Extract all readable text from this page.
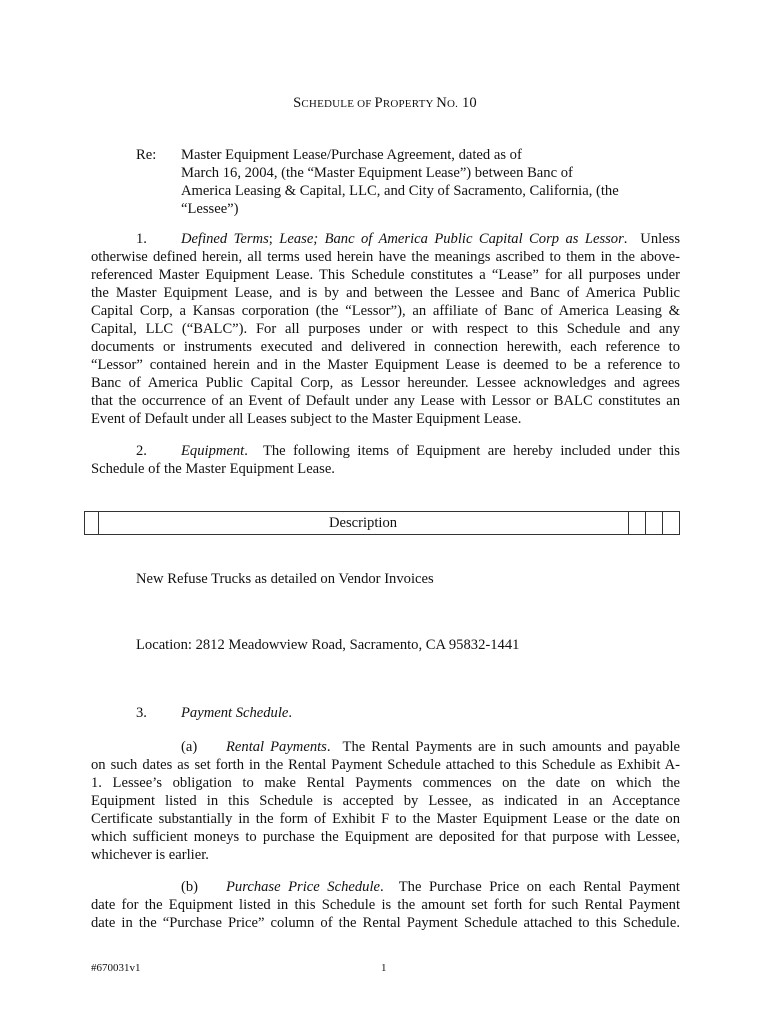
SCHEDULE OF PROPERTY NO. 10
Re: Master Equipment Lease/Purchase Agreement, dated as of
March 16, 2004, (the “Master Equipment Lease”) between Banc of
America Leasing & Capital, LLC, and City of Sacramento, California, (the
“Lessee”)
1. Defined Terms; Lease; Banc of America Public Capital Corp as Lessor. Unless
otherwise defined herein, all terms used herein have the meanings ascribed to them in the above-
referenced Master Equipment Lease. This Schedule constitutes a “Lease” for all purposes under
the Master Equipment Lease, and is by and between the Lessee and Banc of America Public
Capital Corp, a Kansas corporation (the “Lessor”), an affiliate of Banc of America Leasing &
Capital, LLC (“BALC”). For all purposes under or with respect to this Schedule and any
documents or instruments executed and delivered in connection herewith, each reference to
“Lessor” contained herein and in the Master Equipment Lease is deemed to be a reference to
Banc of America Public Capital Corp, as Lessor hereunder. Lessee acknowledges and agrees
that the occurrence of an Event of Default under any Lease with Lessor or BALC constitutes an
Event of Default under all Leases subject to the Master Equipment Lease.
2. Equipment.  The following items of Equipment are hereby included under this
Schedule of the Master Equipment Lease.
Description
New Refuse Trucks as detailed on Vendor Invoices
Location: 2812 Meadowview Road, Sacramento, CA 95832-1441
3. Payment Schedule.
(a) Rental Payments.  The Rental Payments are in such amounts and payable
on such dates as set forth in the Rental Payment Schedule attached to this Schedule as Exhibit A-
1. Lessee’s obligation to make Rental Payments commences on the date on which the
Equipment listed in this Schedule is accepted by Lessee, as indicated in an Acceptance
Certificate substantially in the form of Exhibit F to the Master Equipment Lease or the date on
which sufficient moneys to purchase the Equipment are deposited for that purpose with Lessee,
whichever is earlier.
(b) Purchase Price Schedule.  The Purchase Price on each Rental Payment
date for the Equipment listed in this Schedule is the amount set forth for such Rental Payment
date in the “Purchase Price” column of the Rental Payment Schedule attached to this Schedule.
#670031v1	1
